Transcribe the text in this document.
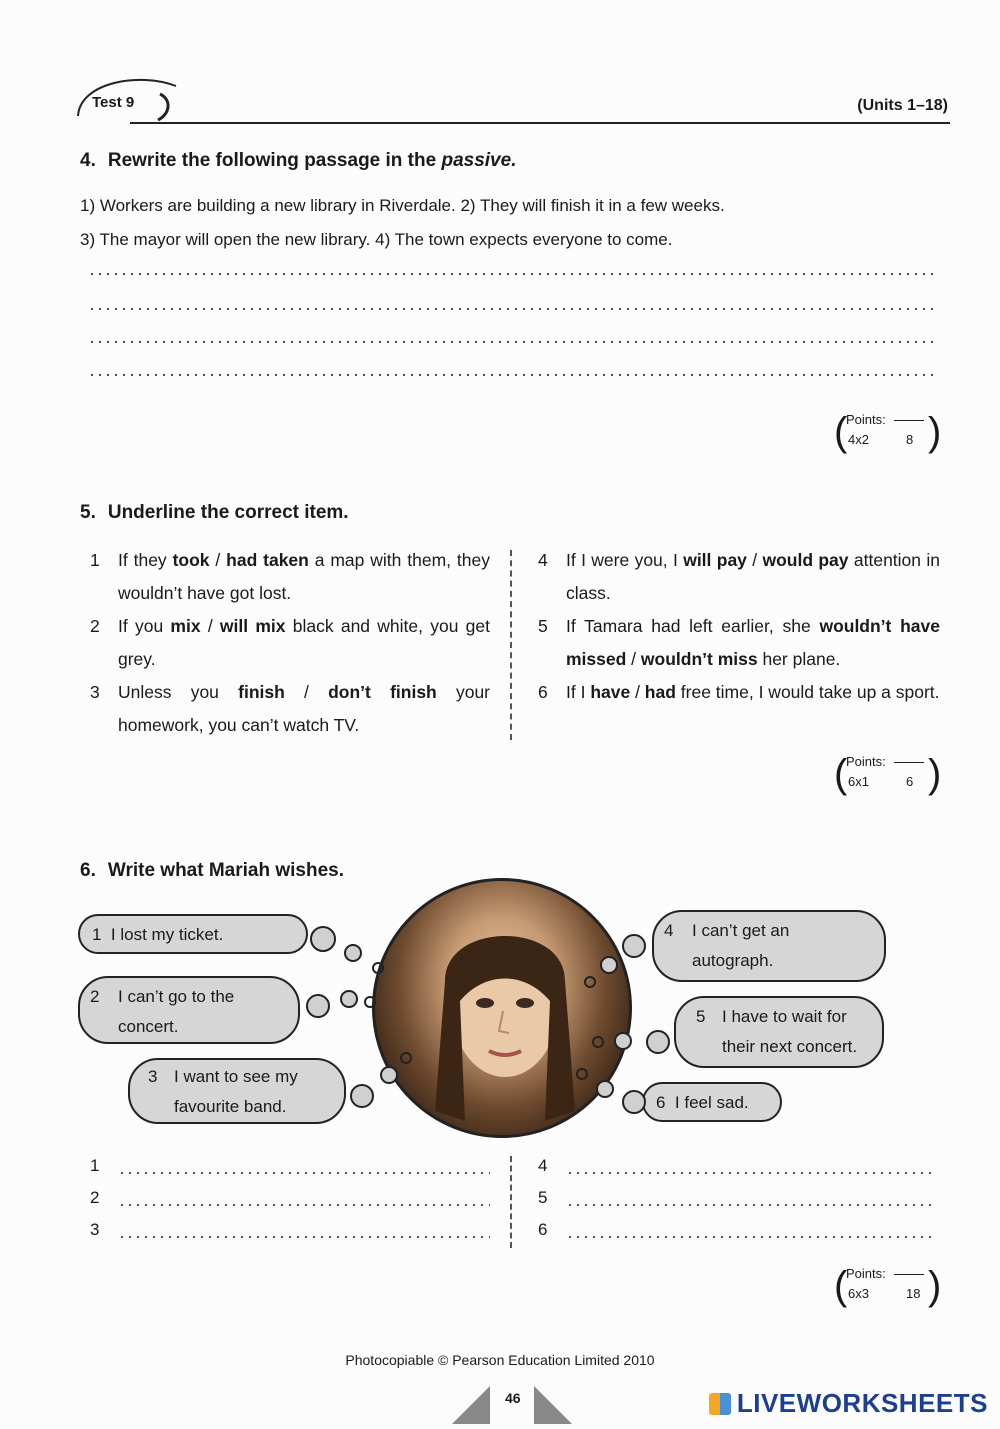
Test 9	(Units 1–18)
4. Rewrite the following passage in the passive.
1) Workers are building a new library in Riverdale. 2) They will finish it in a few weeks.
3) The mayor will open the new library. 4) The town expects everyone to come.
(
Points:
4x2	8 )
5. Underline the correct item.
1 If they took / had taken a map with them, they wouldn’t have got lost.
2 If you mix / will mix black and white, you get grey.
3 Unless you finish / don’t finish your homework, you can’t watch TV.
4 If I were you, I will pay / would pay attention in class.
5 If Tamara had left earlier, she wouldn’t have missed / wouldn’t miss her plane.
6 If I have / had free time, I would take up a sport.
(
Points:
6x1	6 )
6. Write what Mariah wishes.
1 I lost my ticket.
2 I can’t go to the concert.
3 I want to see my favourite band.
4 I can’t get an autograph.
5 I have to wait for their next concert.
6 I feel sad.
1
2
3
4
5
6
(
Points:
6x3	18 )
Photocopiable © Pearson Education Limited 2010
46	LIVEWORKSHEETS
